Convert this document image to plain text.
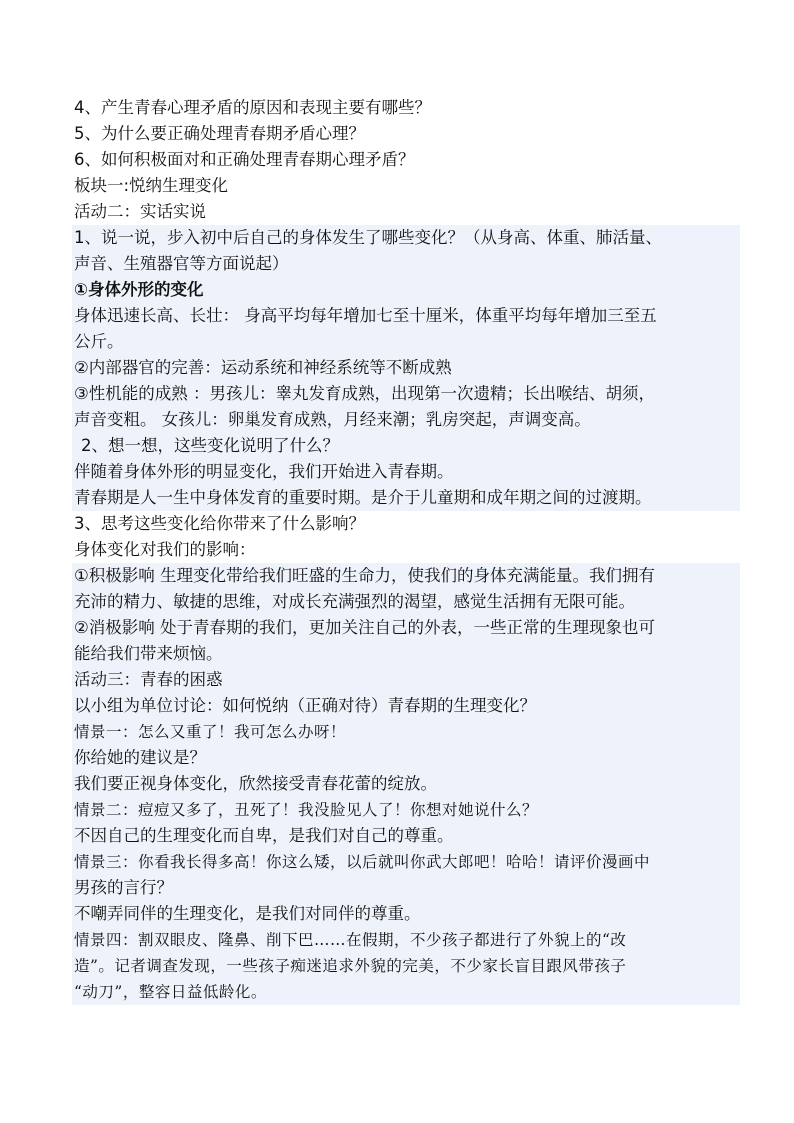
4、产生青春心理矛盾的原因和表现主要有哪些？
5、为什么要正确处理青春期矛盾心理？
6、如何积极面对和正确处理青春期心理矛盾？
板块一:悦纳生理变化
活动二：实话实说
1、说一说，步入初中后自己的身体发生了哪些变化？（从身高、体重、肺活量、
声音、生殖器官等方面说起）
①身体外形的变化
身体迅速长高、长壮： 身高平均每年增加七至十厘米，体重平均每年增加三至五
公斤。
②内部器官的完善：运动系统和神经系统等不断成熟
③性机能的成熟 ：男孩儿：睾丸发育成熟，出现第一次遗精；长出喉结、胡须，
声音变粗。 女孩儿：卵巢发育成熟，月经来潮；乳房突起，声调变高。
2、想一想，这些变化说明了什么？
伴随着身体外形的明显变化，我们开始进入青春期。
青春期是人一生中身体发育的重要时期。是介于儿童期和成年期之间的过渡期。
3、思考这些变化给你带来了什么影响？
身体变化对我们的影响：
①积极影响 生理变化带给我们旺盛的生命力，使我们的身体充满能量。我们拥有
充沛的精力、敏捷的思维，对成长充满强烈的渴望，感觉生活拥有无限可能。
②消极影响 处于青春期的我们，更加关注自己的外表，一些正常的生理现象也可
能给我们带来烦恼。
活动三：青春的困惑
以小组为单位讨论：如何悦纳（正确对待）青春期的生理变化？
情景一：怎么又重了！我可怎么办呀！
你给她的建议是？
我们要正视身体变化，欣然接受青春花蕾的绽放。
情景二：痘痘又多了，丑死了！我没脸见人了！你想对她说什么？
不因自己的生理变化而自卑，是我们对自己的尊重。
情景三：你看我长得多高！你这么矮，以后就叫你武大郎吧！哈哈！请评价漫画中
男孩的言行？
不嘲弄同伴的生理变化，是我们对同伴的尊重。
情景四：割双眼皮、隆鼻、削下巴……在假期，不少孩子都进行了外貌上的“改
造”。记者调查发现，一些孩子痴迷追求外貌的完美，不少家长盲目跟风带孩子
“动刀”，整容日益低龄化。
